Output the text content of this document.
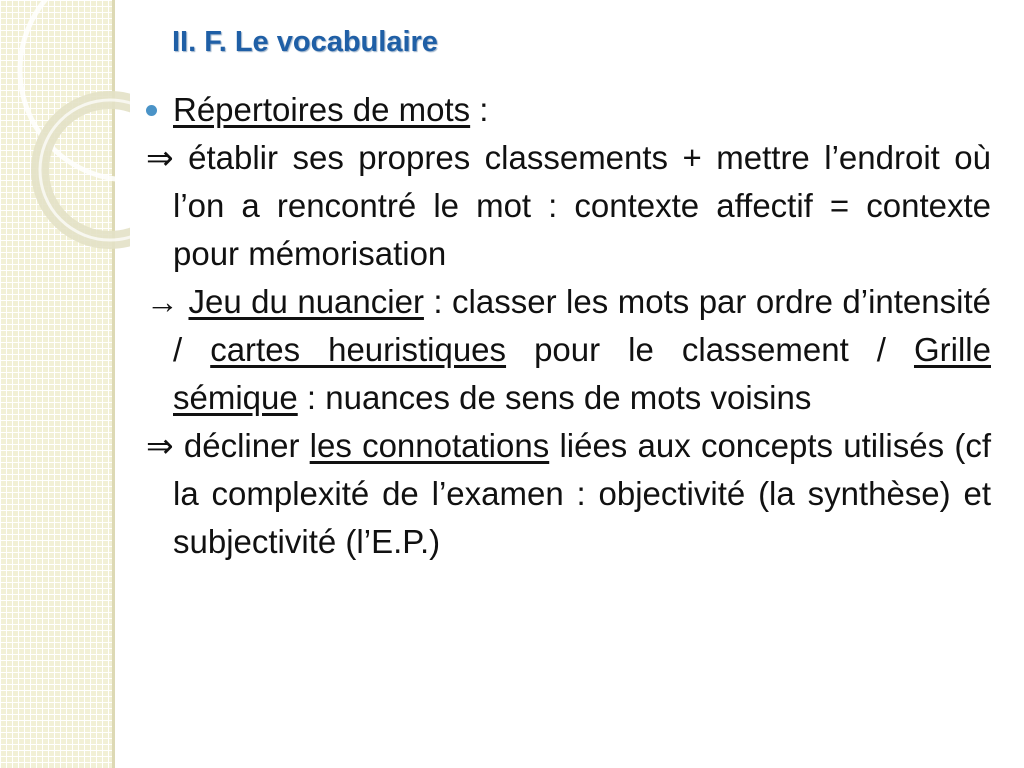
II. F. Le vocabulaire
Répertoires de mots :
⇒ établir ses propres classements + mettre l’endroit où l’on a rencontré le mot : contexte affectif = contexte pour mémorisation
→ Jeu du nuancier : classer les mots par ordre d’intensité / cartes heuristiques pour le classement / Grille sémique : nuances de sens de mots voisins
⇒ décliner les connotations liées aux concepts utilisés (cf la complexité de l’examen : objectivité (la synthèse) et subjectivité (l’E.P.)
